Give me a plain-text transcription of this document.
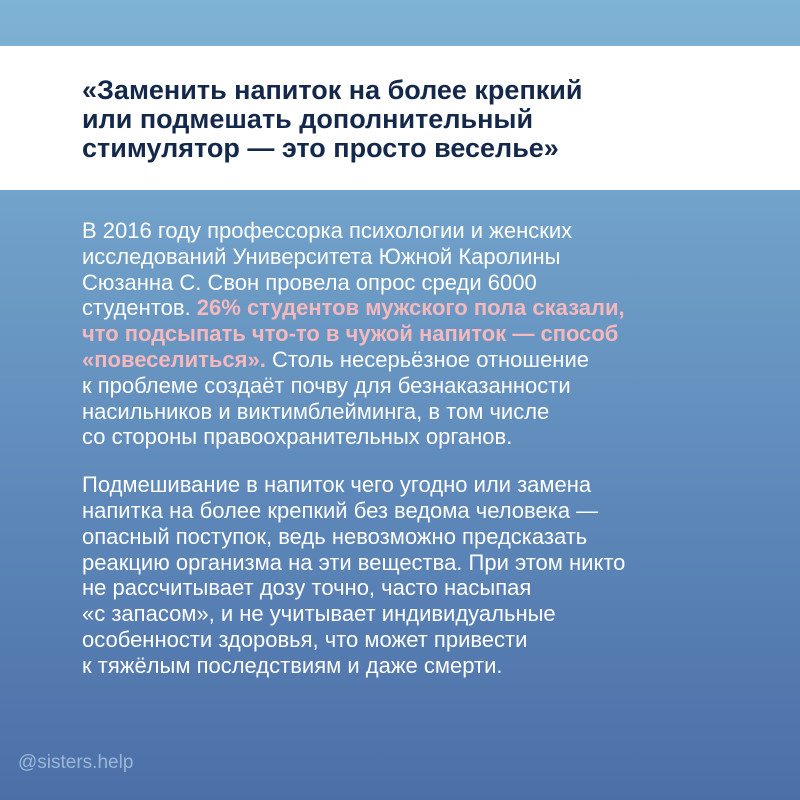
«Заменить напиток на более крепкий
или подмешать дополнительный
стимулятор — это просто веселье»

В 2016 году профессорка психологии и женских
исследований Университета Южной Каролины
Сюзанна С. Свон провела опрос среди 6000
студентов. 26% студентов мужского пола сказали,
что подсыпать что-то в чужой напиток — способ
«повеселиться». Столь несерьёзное отношение
к проблеме создаёт почву для безнаказанности
насильников и виктимблейминга, в том числе
со стороны правоохранительных органов.

Подмешивание в напиток чего угодно или замена
напитка на более крепкий без ведома человека —
опасный поступок, ведь невозможно предсказать
реакцию организма на эти вещества. При этом никто
не рассчитывает дозу точно, часто насыпая
«с запасом», и не учитывает индивидуальные
особенности здоровья, что может привести
к тяжёлым последствиям и даже смерти.

@sisters.help
